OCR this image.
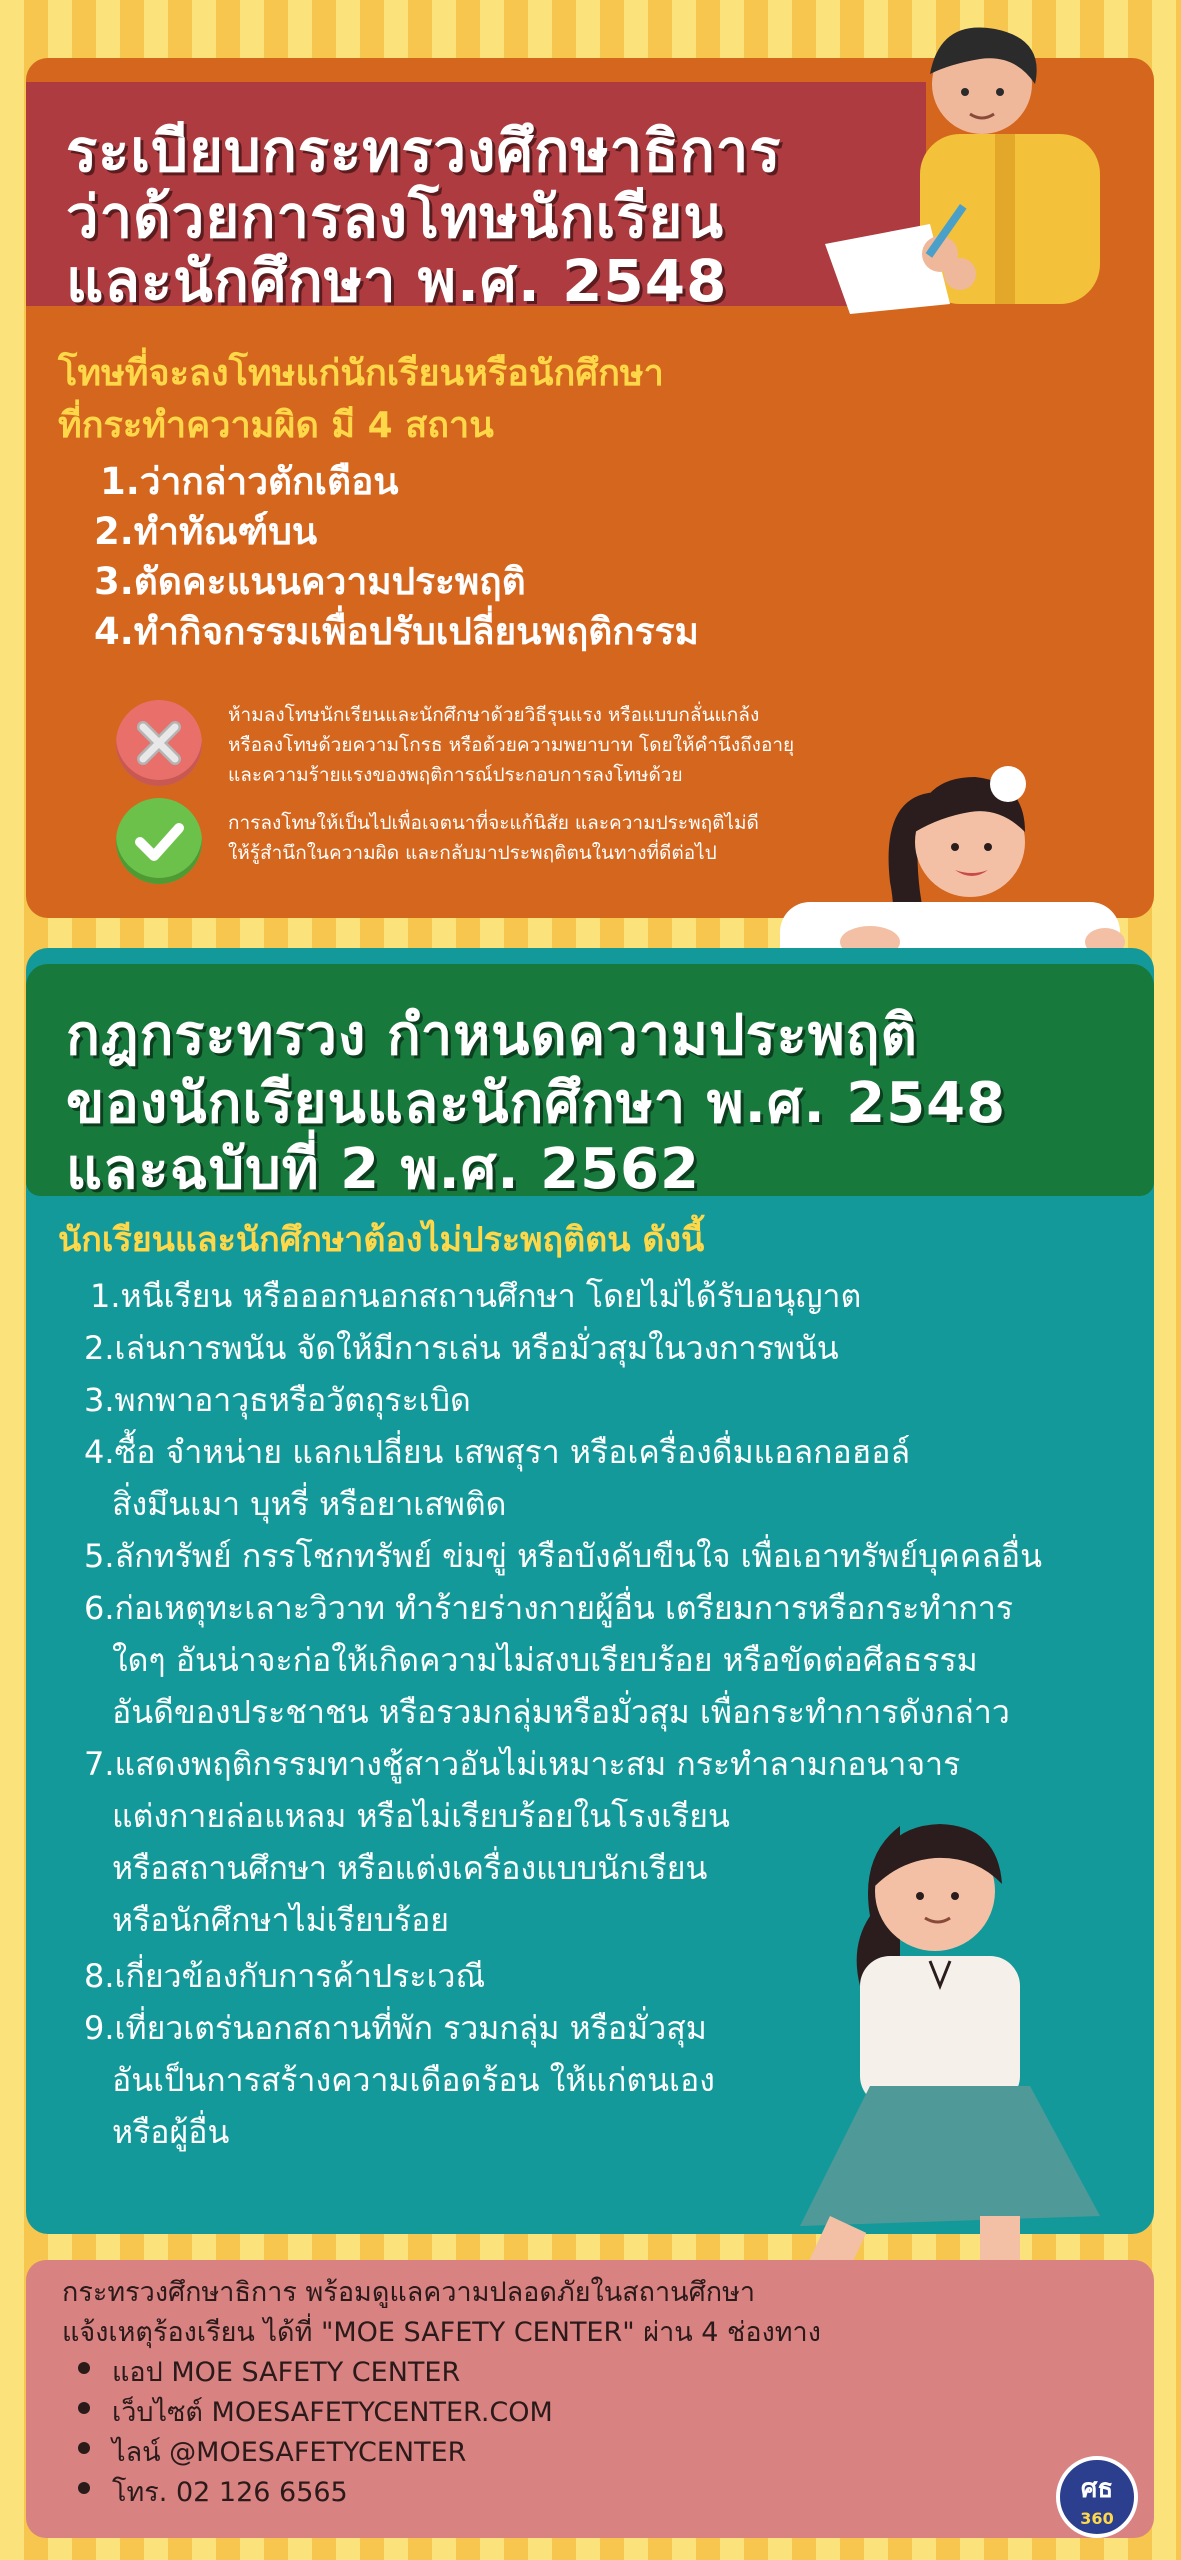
ระเบียบกระทรวงศึกษาธิการ
ว่าด้วยการลงโทษนักเรียน
และนักศึกษา พ.ศ. 2548
โทษที่จะลงโทษแก่นักเรียนหรือนักศึกษา
ที่กระทำความผิด มี 4 สถาน
1.ว่ากล่าวตักเตือน
2.ทำทัณฑ์บน
3.ตัดคะแนนความประพฤติ
4.ทำกิจกรรมเพื่อปรับเปลี่ยนพฤติกรรม
ห้ามลงโทษนักเรียนและนักศึกษาด้วยวิธีรุนแรง หรือแบบกลั่นแกล้ง
หรือลงโทษด้วยความโกรธ หรือด้วยความพยาบาท โดยให้คำนึงถึงอายุ
และความร้ายแรงของพฤติการณ์ประกอบการลงโทษด้วย
การลงโทษให้เป็นไปเพื่อเจตนาที่จะแก้นิสัย และความประพฤติไม่ดี
ให้รู้สำนึกในความผิด และกลับมาประพฤติตนในทางที่ดีต่อไป
กฎกระทรวง กำหนดความประพฤติ
ของนักเรียนและนักศึกษา พ.ศ. 2548
และฉบับที่ 2 พ.ศ. 2562
นักเรียนและนักศึกษาต้องไม่ประพฤติตน ดังนี้
1.หนีเรียน หรือออกนอกสถานศึกษา โดยไม่ได้รับอนุญาต
2.เล่นการพนัน จัดให้มีการเล่น หรือมั่วสุมในวงการพนัน
3.พกพาอาวุธหรือวัตถุระเบิด
4.ซื้อ จำหน่าย แลกเปลี่ยน เสพสุรา หรือเครื่องดื่มแอลกอฮอล์
สิ่งมึนเมา บุหรี่ หรือยาเสพติด
5.ลักทรัพย์ กรรโชกทรัพย์ ข่มขู่ หรือบังคับขืนใจ เพื่อเอาทรัพย์บุคคลอื่น
6.ก่อเหตุทะเลาะวิวาท ทำร้ายร่างกายผู้อื่น เตรียมการหรือกระทำการ
ใดๆ อันน่าจะก่อให้เกิดความไม่สงบเรียบร้อย หรือขัดต่อศีลธรรม
อันดีของประชาชน หรือรวมกลุ่มหรือมั่วสุม เพื่อกระทำการดังกล่าว
7.แสดงพฤติกรรมทางชู้สาวอันไม่เหมาะสม กระทำลามกอนาจาร
แต่งกายล่อแหลม หรือไม่เรียบร้อยในโรงเรียน
หรือสถานศึกษา หรือแต่งเครื่องแบบนักเรียน
หรือนักศึกษาไม่เรียบร้อย
8.เกี่ยวข้องกับการค้าประเวณี
9.เที่ยวเตร่นอกสถานที่พัก รวมกลุ่ม หรือมั่วสุม
อันเป็นการสร้างความเดือดร้อน ให้แก่ตนเอง
หรือผู้อื่น
กระทรวงศึกษาธิการ พร้อมดูแลความปลอดภัยในสถานศึกษา
แจ้งเหตุร้องเรียน ได้ที่ "MOE SAFETY CENTER" ผ่าน 4 ช่องทาง
แอป MOE SAFETY CENTER
เว็บไซต์ MOESAFETYCENTER.COM
ไลน์ @MOESAFETYCENTER
โทร. 02 126 6565	ศธ
360
